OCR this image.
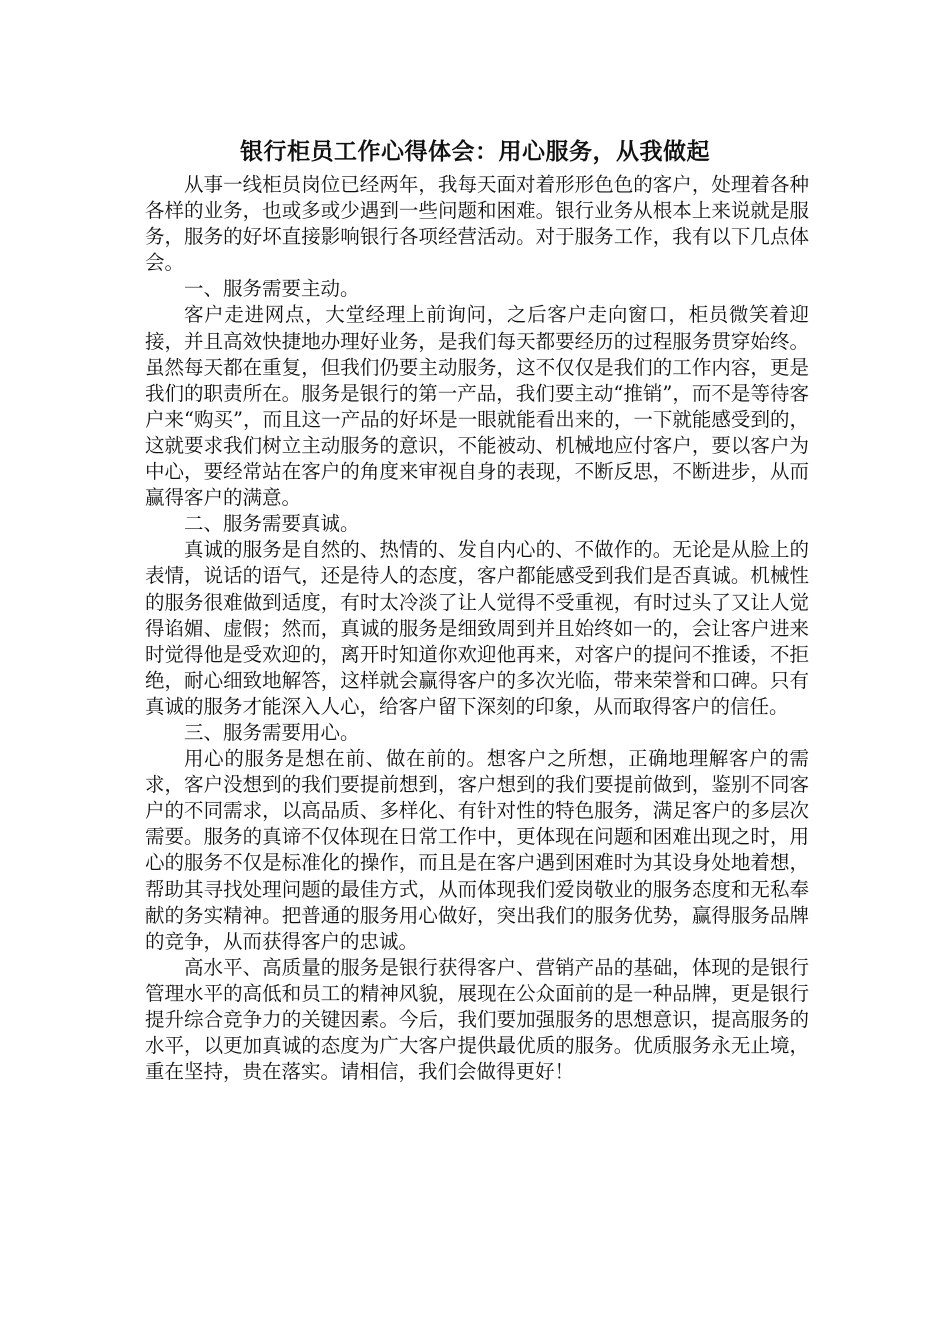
银行柜员工作心得体会：用心服务，从我做起

从事一线柜员岗位已经两年，我每天面对着形形色色的客户，处理着各种各样的业务，也或多或少遇到一些问题和困难。银行业务从根本上来说就是服务，服务的好坏直接影响银行各项经营活动。对于服务工作，我有以下几点体会。

一、服务需要主动。

客户走进网点，大堂经理上前询问，之后客户走向窗口，柜员微笑着迎接，并且高效快捷地办理好业务，是我们每天都要经历的过程服务贯穿始终。虽然每天都在重复，但我们仍要主动服务，这不仅仅是我们的工作内容，更是我们的职责所在。服务是银行的第一产品，我们要主动“推销”，而不是等待客户来“购买”，而且这一产品的好坏是一眼就能看出来的，一下就能感受到的，这就要求我们树立主动服务的意识，不能被动、机械地应付客户，要以客户为中心，要经常站在客户的角度来审视自身的表现，不断反思，不断进步，从而赢得客户的满意。

二、服务需要真诚。

真诚的服务是自然的、热情的、发自内心的、不做作的。无论是从脸上的表情，说话的语气，还是待人的态度，客户都能感受到我们是否真诚。机械性的服务很难做到适度，有时太冷淡了让人觉得不受重视，有时过头了又让人觉得谄媚、虚假；然而，真诚的服务是细致周到并且始终如一的，会让客户进来时觉得他是受欢迎的，离开时知道你欢迎他再来，对客户的提问不推诿，不拒绝，耐心细致地解答，这样就会赢得客户的多次光临，带来荣誉和口碑。只有真诚的服务才能深入人心，给客户留下深刻的印象，从而取得客户的信任。

三、服务需要用心。

用心的服务是想在前、做在前的。想客户之所想，正确地理解客户的需求，客户没想到的我们要提前想到，客户想到的我们要提前做到，鉴别不同客户的不同需求，以高品质、多样化、有针对性的特色服务，满足客户的多层次需要。服务的真谛不仅体现在日常工作中，更体现在问题和困难出现之时，用心的服务不仅是标准化的操作，而且是在客户遇到困难时为其设身处地着想，帮助其寻找处理问题的最佳方式，从而体现我们爱岗敬业的服务态度和无私奉献的务实精神。把普通的服务用心做好，突出我们的服务优势，赢得服务品牌的竞争，从而获得客户的忠诚。

高水平、高质量的服务是银行获得客户、营销产品的基础，体现的是银行管理水平的高低和员工的精神风貌，展现在公众面前的是一种品牌，更是银行提升综合竞争力的关键因素。今后，我们要加强服务的思想意识，提高服务的水平，以更加真诚的态度为广大客户提供最优质的服务。优质服务永无止境，重在坚持，贵在落实。请相信，我们会做得更好！
